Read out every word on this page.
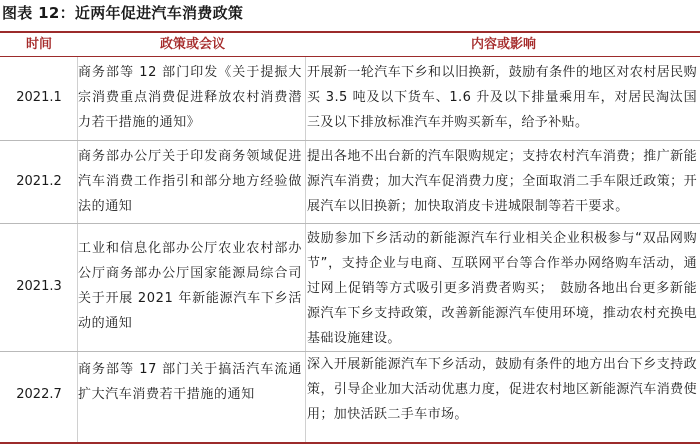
图表 12：近两年促进汽车消费政策
时间	政策或会议	内容或影响
2021.1
商务部等 12 部门印发《关于提振大宗消费重点消费促进释放农村消费潜力若干措施的通知》
开展新一轮汽车下乡和以旧换新，鼓励有条件的地区对农村居民购买 3.5 吨及以下货车、1.6 升及以下排量乘用车，对居民淘汰国三及以下排放标准汽车并购买新车，给予补贴。
2021.2
商务部办公厅关于印发商务领域促进汽车消费工作指引和部分地方经验做法的通知
提出各地不出台新的汽车限购规定；支持农村汽车消费；推广新能源汽车消费；加大汽车促消费力度；全面取消二手车限迁政策；开展汽车以旧换新；加快取消皮卡进城限制等若干要求。
2021.3
工业和信息化部办公厅农业农村部办公厅商务部办公厅国家能源局综合司关于开展 2021 年新能源汽车下乡活动的通知
鼓励参加下乡活动的新能源汽车行业相关企业积极参与“双品网购节”，支持企业与电商、互联网平台等合作举办网络购车活动，通过网上促销等方式吸引更多消费者购买；　鼓励各地出台更多新能源汽车下乡支持政策，改善新能源汽车使用环境，推动农村充换电基础设施建设。
2022.7
商务部等 17 部门关于搞活汽车流通扩大汽车消费若干措施的通知
深入开展新能源汽车下乡活动，鼓励有条件的地方出台下乡支持政策，引导企业加大活动优惠力度，促进农村地区新能源汽车消费使用；加快活跃二手车市场。
